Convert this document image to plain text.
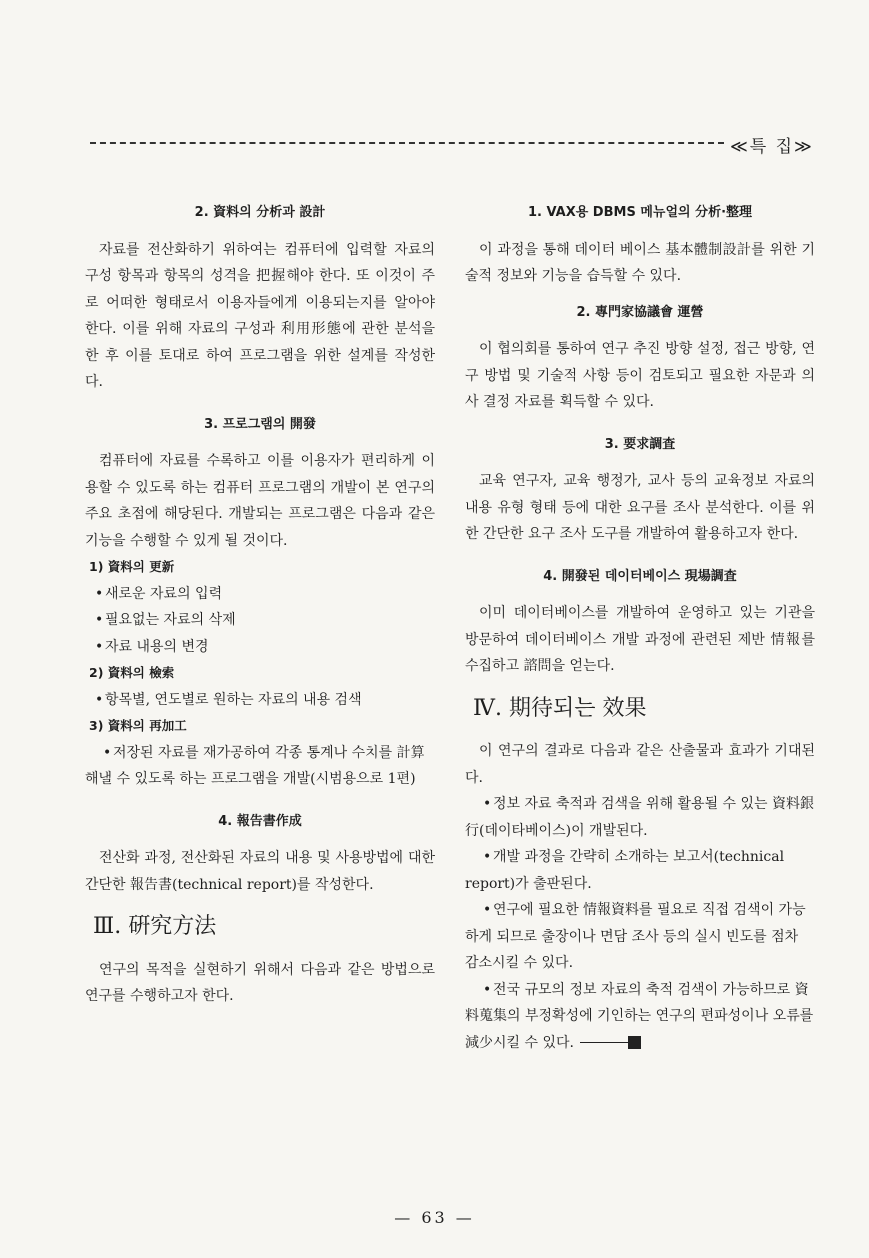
≪특 집≫
2. 資料의 分析과 設計

자료를 전산화하기 위하여는 컴퓨터에 입력할 자료의 구성 항목과 항목의 성격을 把握해야 한다. 또 이것이 주로 어떠한 형태로서 이용자들에게 이용되는지를 알아야 한다. 이를 위해 자료의 구성과 利用形態에 관한 분석을 한 후 이를 토대로 하여 프로그램을 위한 설계를 작성한다.

3. 프로그램의 開發

컴퓨터에 자료를 수록하고 이를 이용자가 편리하게 이용할 수 있도록 하는 컴퓨터 프로그램의 개발이 본 연구의 주요 초점에 해당된다. 개발되는 프로그램은 다음과 같은 기능을 수행할 수 있게 될 것이다.

1) 資料의 更新
• 새로운 자료의 입력
• 필요없는 자료의 삭제
• 자료 내용의 변경
2) 資料의 檢索
• 항목별, 연도별로 원하는 자료의 내용 검색
3) 資料의 再加工
• 저장된 자료를 재가공하여 각종 통계나 수치를 計算해낼 수 있도록 하는 프로그램을 개발(시범용으로 1편)
4. 報告書作成

전산화 과정, 전산화된 자료의 내용 및 사용방법에 대한 간단한 報告書(technical report)를 작성한다.

Ⅲ. 硏究方法

연구의 목적을 실현하기 위해서 다음과 같은 방법으로 연구를 수행하고자 한다.

1. VAX용 DBMS 메뉴얼의 分析·整理

이 과정을 통해 데이터 베이스 基本體制設計를 위한 기술적 정보와 기능을 습득할 수 있다.

2. 專門家協議會 運營

이 협의회를 통하여 연구 추진 방향 설정, 접근 방향, 연구 방법 및 기술적 사항 등이 검토되고 필요한 자문과 의사 결정 자료를 획득할 수 있다.

3. 要求調査

교육 연구자, 교육 행정가, 교사 등의 교육정보 자료의 내용 유형 형태 등에 대한 요구를 조사 분석한다. 이를 위한 간단한 요구 조사 도구를 개발하여 활용하고자 한다.

4. 開發된 데이터베이스 現場調査

이미 데이터베이스를 개발하여 운영하고 있는 기관을 방문하여 데이터베이스 개발 과정에 관련된 제반 情報를 수집하고 諮問을 얻는다.

Ⅳ. 期待되는 效果

이 연구의 결과로 다음과 같은 산출물과 효과가 기대된다.

• 정보 자료 축적과 검색을 위해 활용될 수 있는 資料銀行(데이타베이스)이 개발된다.
• 개발 과정을 간략히 소개하는 보고서(technical report)가 출판된다.
• 연구에 필요한 情報資料를 필요로 직접 검색이 가능하게 되므로 출장이나 면담 조사 등의 실시 빈도를 점차 감소시킬 수 있다.
• 전국 규모의 정보 자료의 축적 검색이 가능하므로 資料蒐集의 부정확성에 기인하는 연구의 편파성이나 오류를 減少시킬 수 있다.
— 63 —
